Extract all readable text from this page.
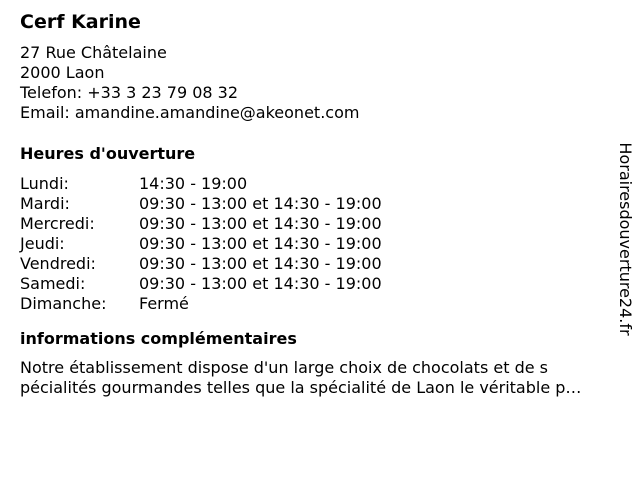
Cerf Karine
27 Rue Châtelaine
2000 Laon
Telefon: +33 3 23 79 08 32
Email: amandine.amandine@akeonet.com
Heures d'ouverture
Lundi:	14:30 - 19:00
Mardi:	09:30 - 13:00 et 14:30 - 19:00
Mercredi:	09:30 - 13:00 et 14:30 - 19:00
Jeudi:	09:30 - 13:00 et 14:30 - 19:00
Vendredi:	09:30 - 13:00 et 14:30 - 19:00
Samedi:	09:30 - 13:00 et 14:30 - 19:00
Dimanche:	Fermé
informations complémentaires
Notre établissement dispose d'un large choix de chocolats et de s
pécialités gourmandes telles que la spécialité de Laon le véritable p…
Horairesdouverture24.fr
